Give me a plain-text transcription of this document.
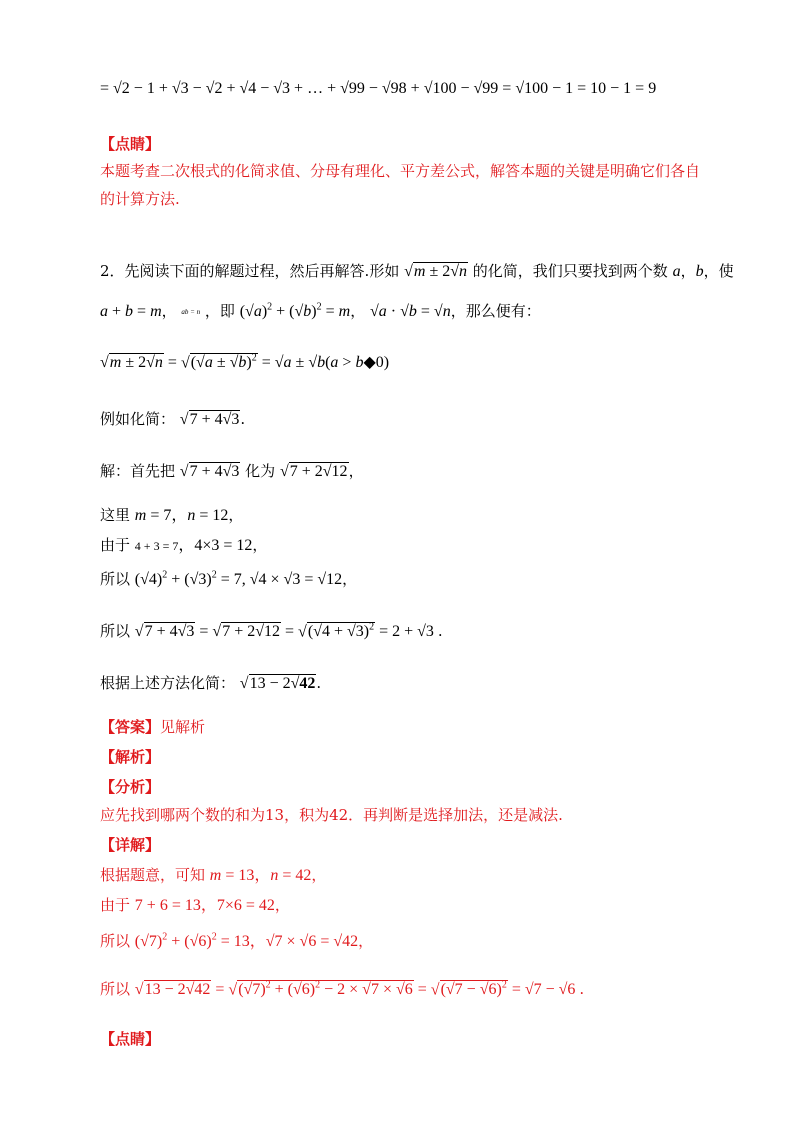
= √2 − 1 + √3 − √2 + √4 − √3 + … + √99 − √98 + √100 − √99 = √100 − 1 = 10 − 1 = 9
【点睛】
本题考查二次根式的化简求值、分母有理化、平方差公式，解答本题的关键是明确它们各自的计算方法.
2．先阅读下面的解题过程，然后再解答.形如 √m ± 2√n 的化简，我们只要找到两个数 a，b，使
a + b = m， ab = n ，即 $(√a)^2 + (√b)^2 = m$， √a · √b = √n，那么便有：
$√m \pm 2√n = √(√a \pm √b)^2 = √a \pm √b(a$ > b◆0)
例如化简： √7 + 4√3.
解：首先把 √7 + 4√3 化为 √7 + 2√12，
这里 m = 7，n = 12，
由于 4 + 3 = 7，4×3 = 12，
所以 $(√4)^2 + (√3)^2 = 7$, √4 × √3 = √12，
所以 $√7 + 4√3 = √7 + 2√12 = √(√4 + √3)^2 = 2 + √3$ .
根据上述方法化简： √13 − 2√42.
【答案】见解析
【解析】
【分析】
应先找到哪两个数的和为13，积为42．再判断是选择加法，还是减法.
【详解】
根据题意，可知 m = 13，n = 42，
由于 7 + 6 = 13，7×6 = 42，
所以 $(√7)^2 + (√6)^2 = 13$，√7 × √6 = √42，
所以 $√13 - 2√42 = √(√7)^2 + (√6)^2 - 2 \times √7 \times √6 = √(√7 - √6)^2 = √7 - √6$ .
【点睛】
